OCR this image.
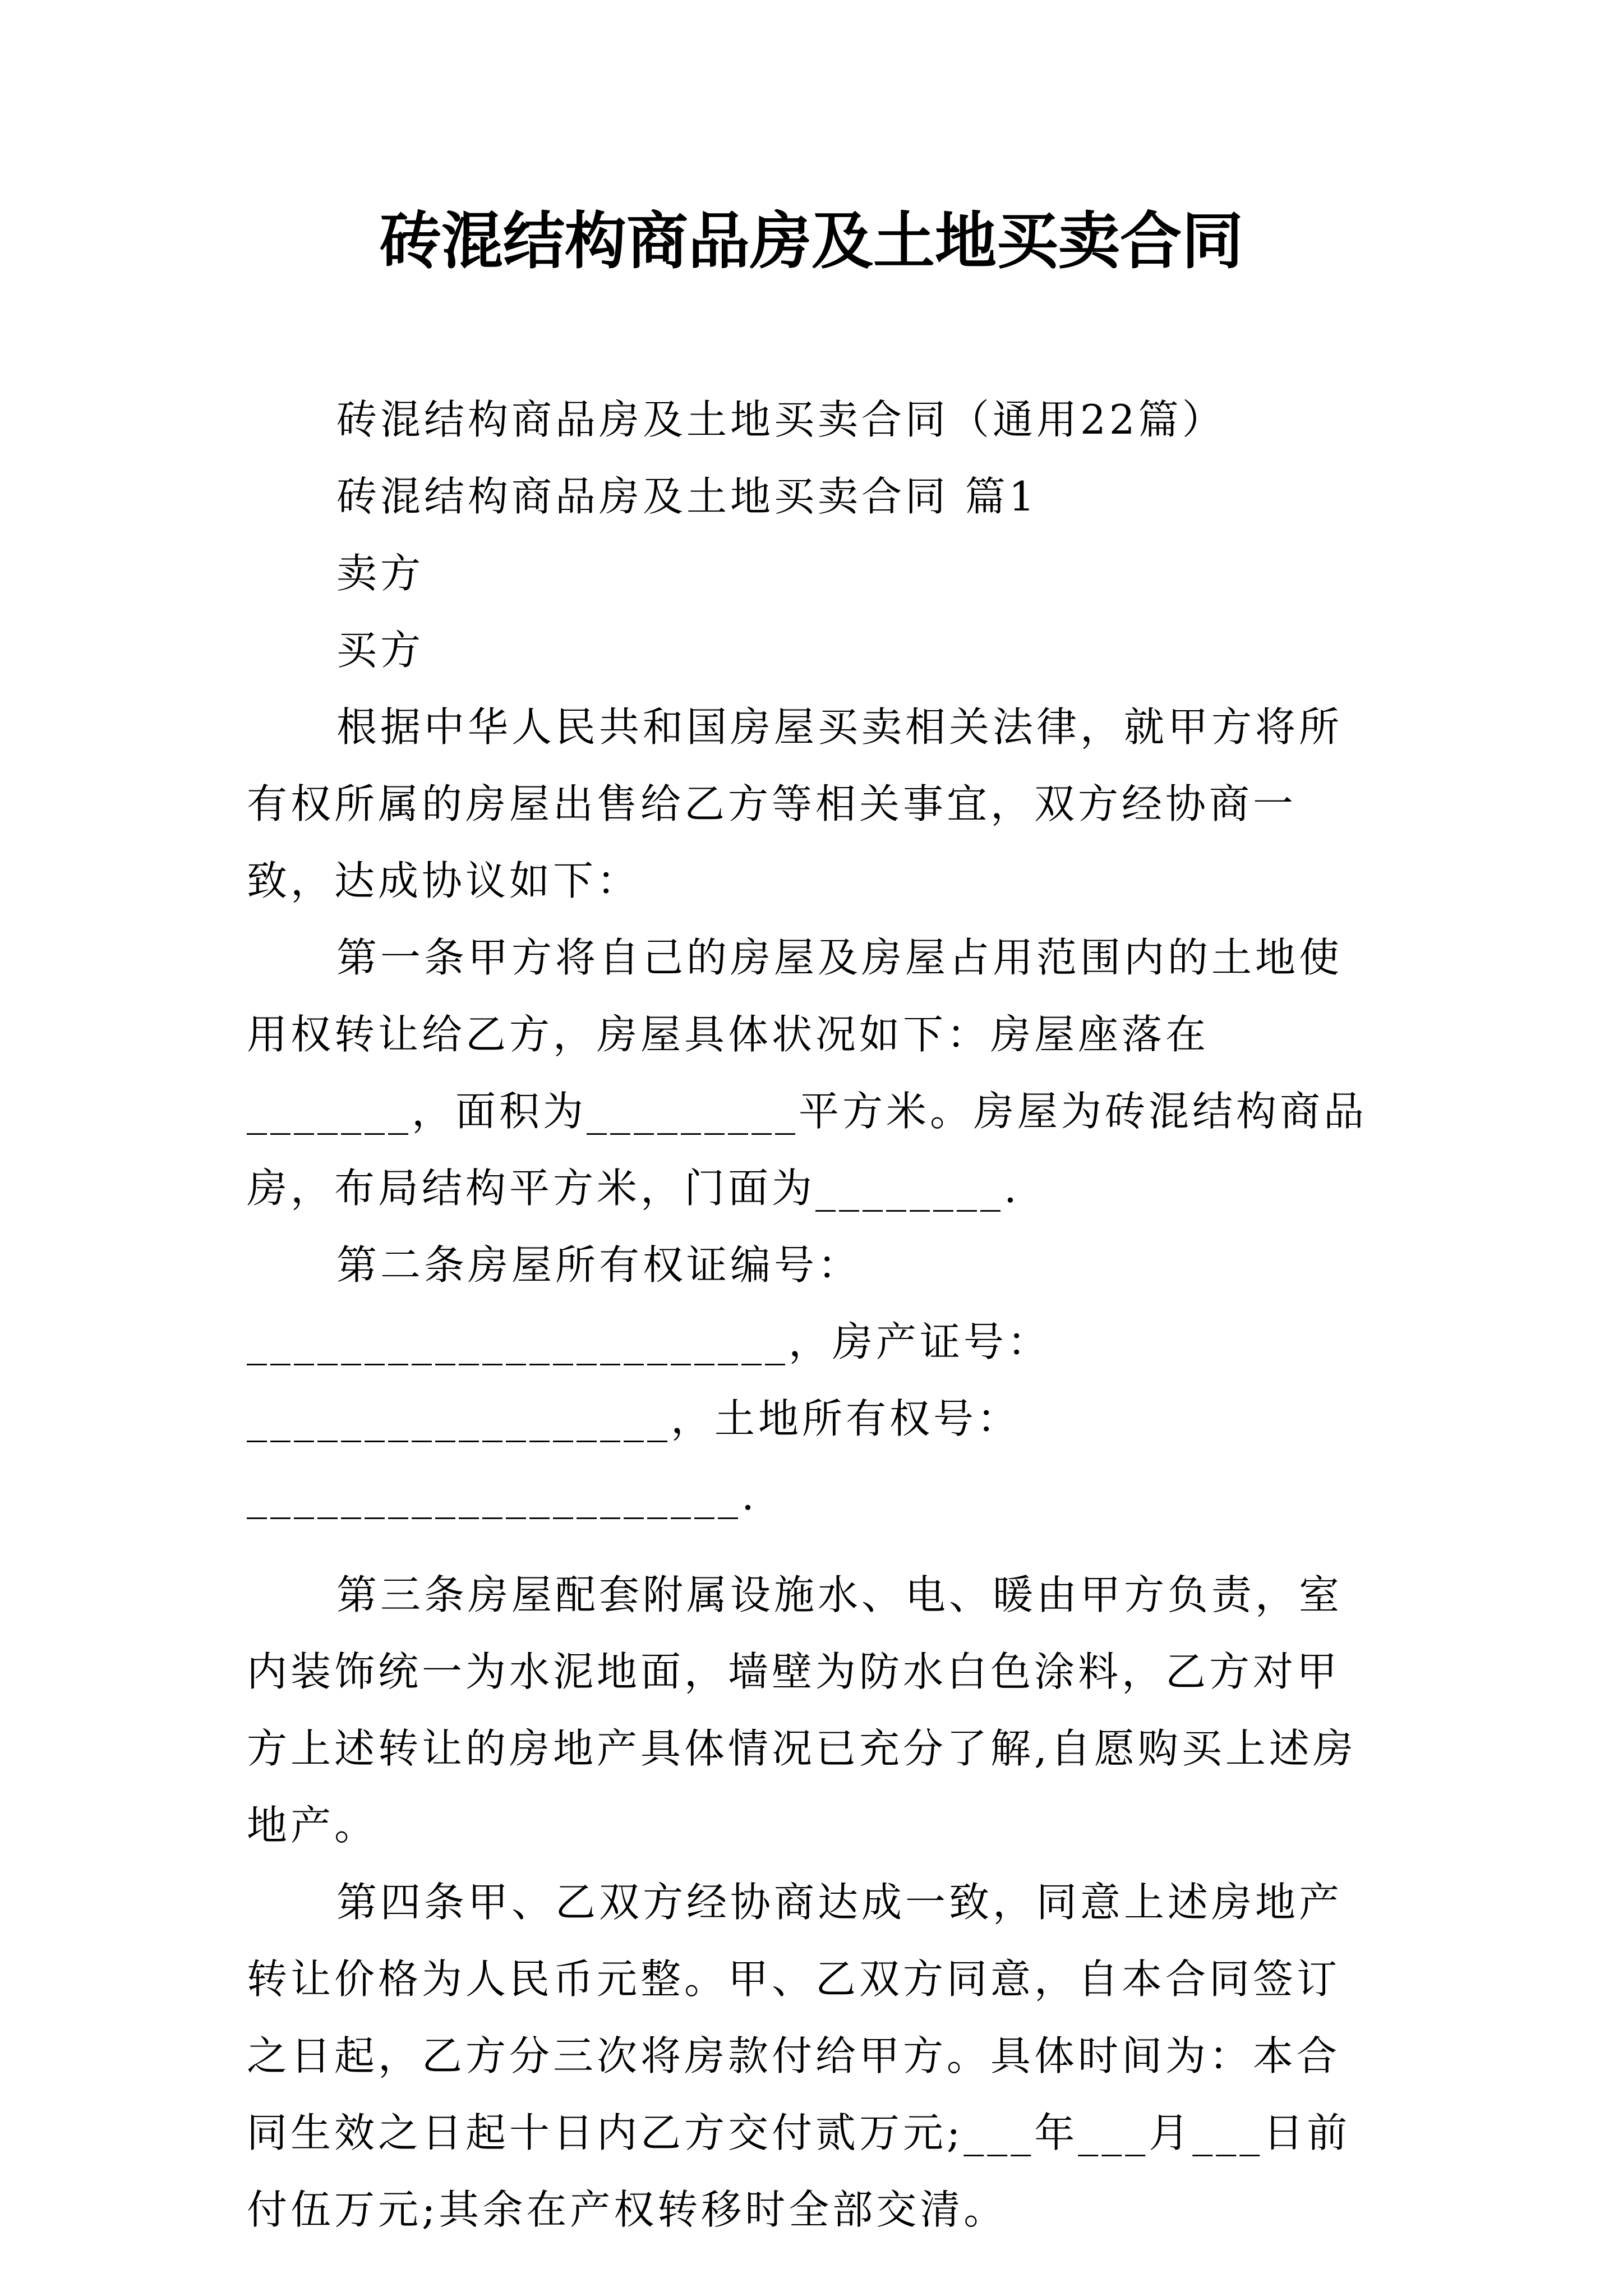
砖混结构商品房及土地买卖合同

砖混结构商品房及土地买卖合同（通用22篇）

砖混结构商品房及土地买卖合同 篇1

卖方

买方

根据中华人民共和国房屋买卖相关法律，就甲方将所有权所属的房屋出售给乙方等相关事宜，双方经协商一致，达成协议如下：

第一条甲方将自己的房屋及房屋占用范围内的土地使用权转让给乙方，房屋具体状况如下：房屋座落在_______，面积为_________平方米。房屋为砖混结构商品房，布局结构平方米，门面为________.

第二条房屋所有权证编号：_______________________，房产证号：__________________，土地所有权号：_____________________.

第三条房屋配套附属设施水、电、暖由甲方负责，室内装饰统一为水泥地面，墙壁为防水白色涂料，乙方对甲方上述转让的房地产具体情况已充分了解,自愿购买上述房地产。

第四条甲、乙双方经协商达成一致，同意上述房地产转让价格为人民币元整。甲、乙双方同意，自本合同签订之日起，乙方分三次将房款付给甲方。具体时间为：本合同生效之日起十日内乙方交付贰万元;___年___月___日前付伍万元;其余在产权转移时全部交清。
